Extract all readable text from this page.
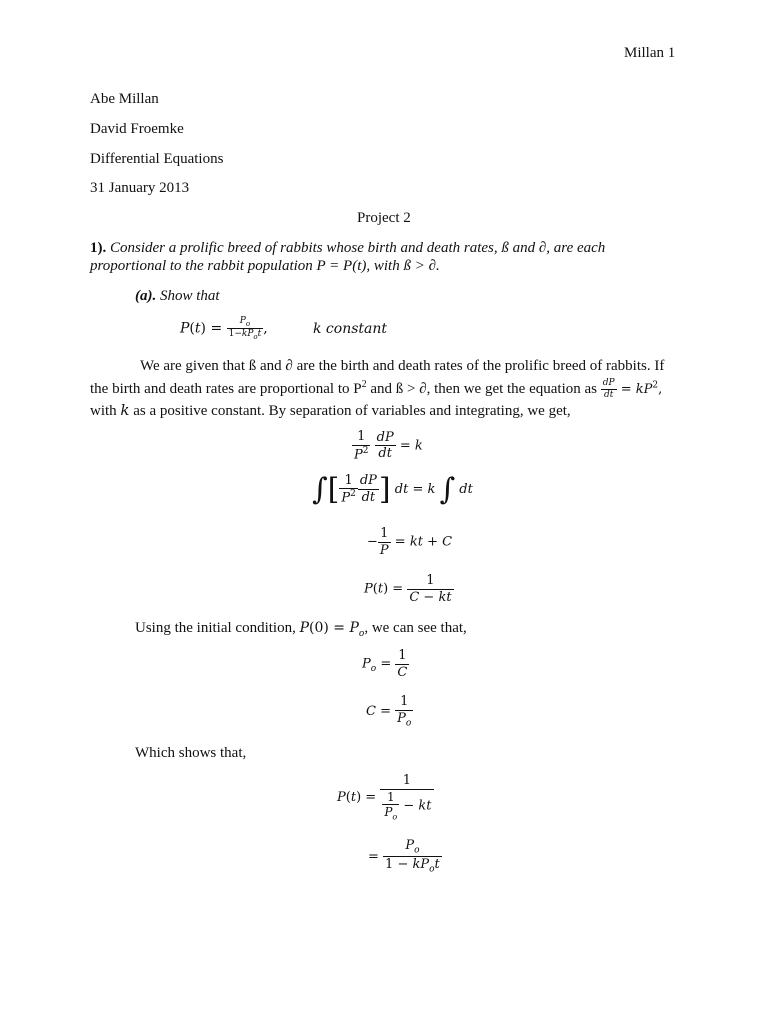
Millan 1
Abe Millan
David Froemke
Differential Equations
31 January 2013
Project 2
1). Consider a prolific breed of rabbits whose birth and death rates, ß and ∂, are each
proportional to the rabbit population P = P(t), with ß > ∂.
(a). Show that
$P(t) = \frac{P_o}{1-kP_ot}$ ,	k constant
We are given that ß and ∂ are the birth and death rates of the prolific breed of rabbits. If
the birth and death rates are proportional to $P^2$ and ß > ∂, then we get the equation as $\frac{dP}{dt} = kP^2$,
with k as a positive constant. By separation of variables and integrating, we get,
$\frac{1}{P^2}$
$\frac{dP}{dt} = k$
∫[ $\frac{1}{P^2} \frac{dP}{dt}$ ] dt = k ∫ dt
− $\frac{1}{P}$ = kt + C
$P(t) = \frac{1}{C - kt}$
Using the initial condition, $P(0) = P_o$, we can see that,
$P_o = \frac{1}{C}$
$C = \frac{1}{P_o}$
Which shows that,
$P(t) = \frac{1}{\frac{1}{P_o} - kt}$
= $\frac{P_o}{1 - kP_ot}$
